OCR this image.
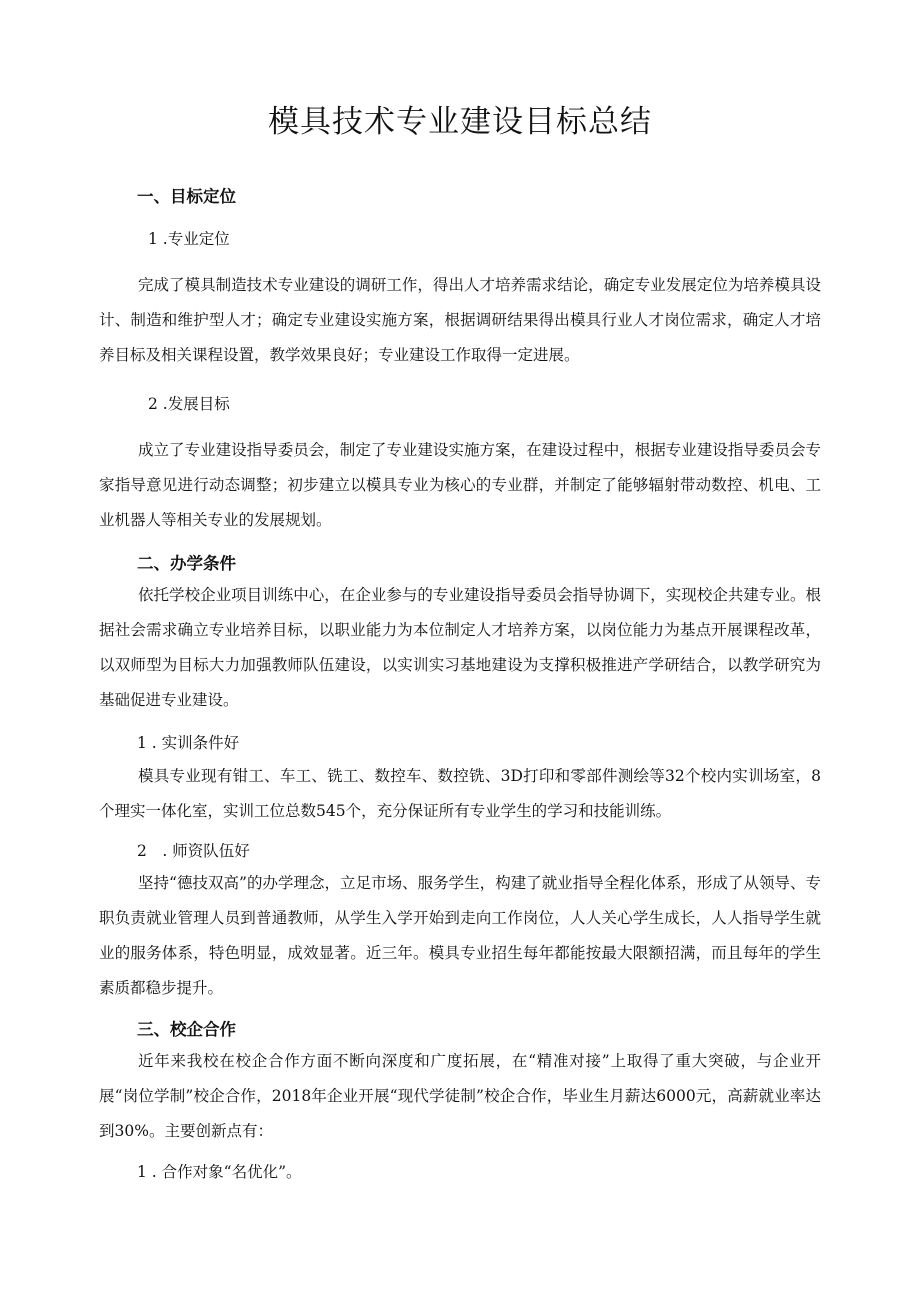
模具技术专业建设目标总结
一、目标定位
1 .专业定位
完成了模具制造技术专业建设的调研工作，得出人才培养需求结论，确定专业发展定位为培养模具设计、制造和维护型人才；确定专业建设实施方案，根据调研结果得出模具行业人才岗位需求，确定人才培养目标及相关课程设置，教学效果良好；专业建设工作取得一定进展。
2 .发展目标
成立了专业建设指导委员会，制定了专业建设实施方案，在建设过程中，根据专业建设指导委员会专家指导意见进行动态调整；初步建立以模具专业为核心的专业群，并制定了能够辐射带动数控、机电、工业机器人等相关专业的发展规划。
二、办学条件
依托学校企业项目训练中心，在企业参与的专业建设指导委员会指导协调下，实现校企共建专业。根据社会需求确立专业培养目标，以职业能力为本位制定人才培养方案，以岗位能力为基点开展课程改革，以双师型为目标大力加强教师队伍建设，以实训实习基地建设为支撑积极推进产学研结合，以教学研究为基础促进专业建设。
1 . 实训条件好
模具专业现有钳工、车工、铣工、数控车、数控铣、3D打印和零部件测绘等32个校内实训场室，8个理实一体化室，实训工位总数545个，充分保证所有专业学生的学习和技能训练。
2　. 师资队伍好
坚持“德技双高”的办学理念，立足市场、服务学生，构建了就业指导全程化体系，形成了从领导、专职负责就业管理人员到普通教师，从学生入学开始到走向工作岗位，人人关心学生成长，人人指导学生就业的服务体系，特色明显，成效显著。近三年。模具专业招生每年都能按最大限额招满，而且每年的学生素质都稳步提升。
三、校企合作
近年来我校在校企合作方面不断向深度和广度拓展，在“精准对接”上取得了重大突破，与企业开展“岗位学制”校企合作，2018年企业开展“现代学徒制”校企合作，毕业生月薪达6000元，高薪就业率达到30%。主要创新点有：
1 . 合作对象“名优化”。
